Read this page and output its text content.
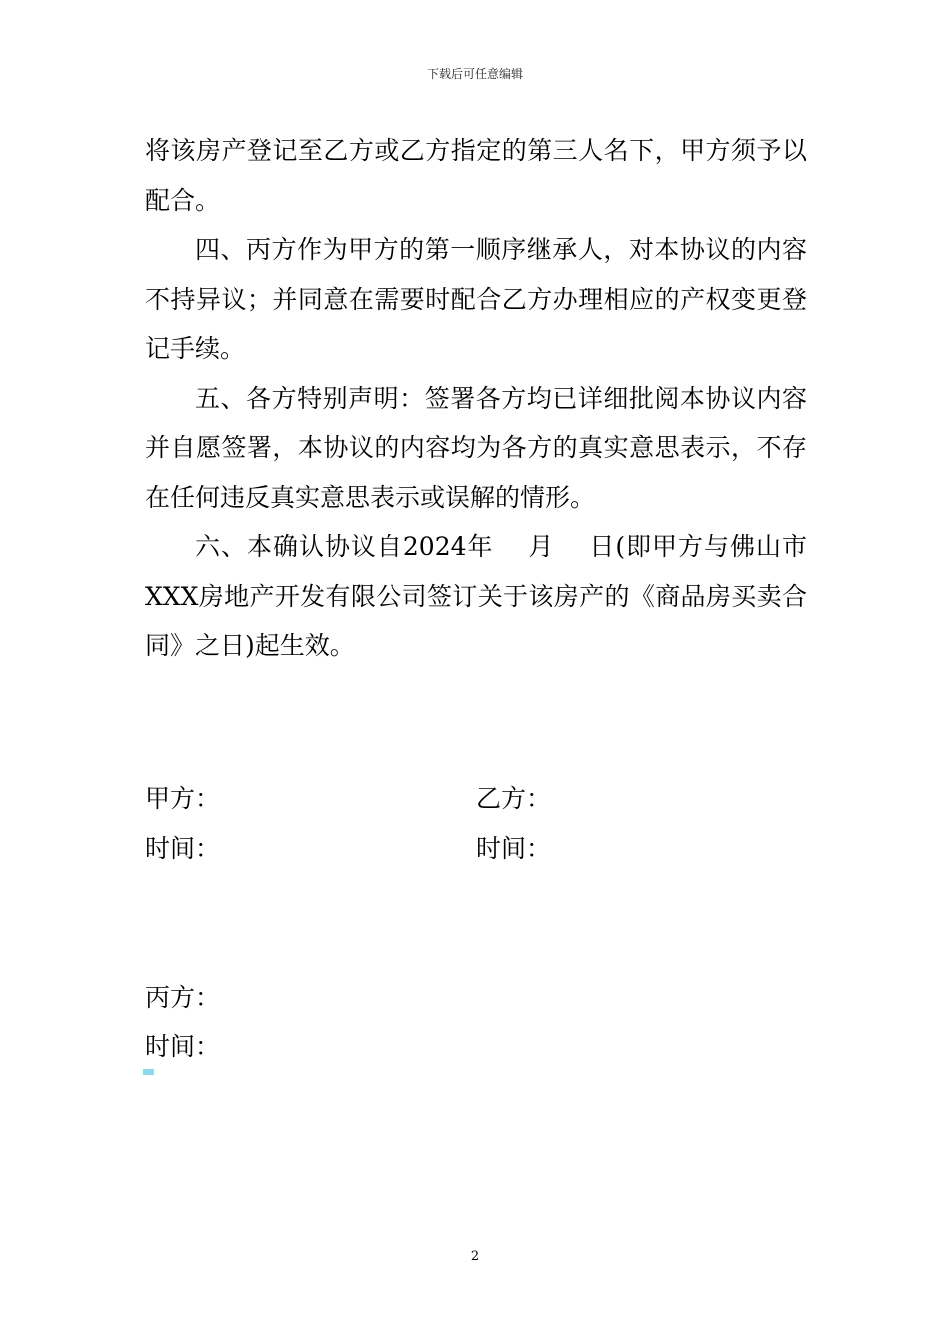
下载后可任意编辑

将该房产登记至乙方或乙方指定的第三人名下，甲方须予以配合。

四、丙方作为甲方的第一顺序继承人，对本协议的内容不持异议；并同意在需要时配合乙方办理相应的产权变更登记手续。

五、各方特别声明：签署各方均已详细批阅本协议内容并自愿签署，本协议的内容均为各方的真实意思表示，不存在任何违反真实意思表示或误解的情形。

六、本确认协议自2024年　 月　 日(即甲方与佛山市XXX房地产开发有限公司签订关于该房产的《商品房买卖合同》之日)起生效。

甲方：	乙方：
时间：	时间：
丙方：
时间：
2
